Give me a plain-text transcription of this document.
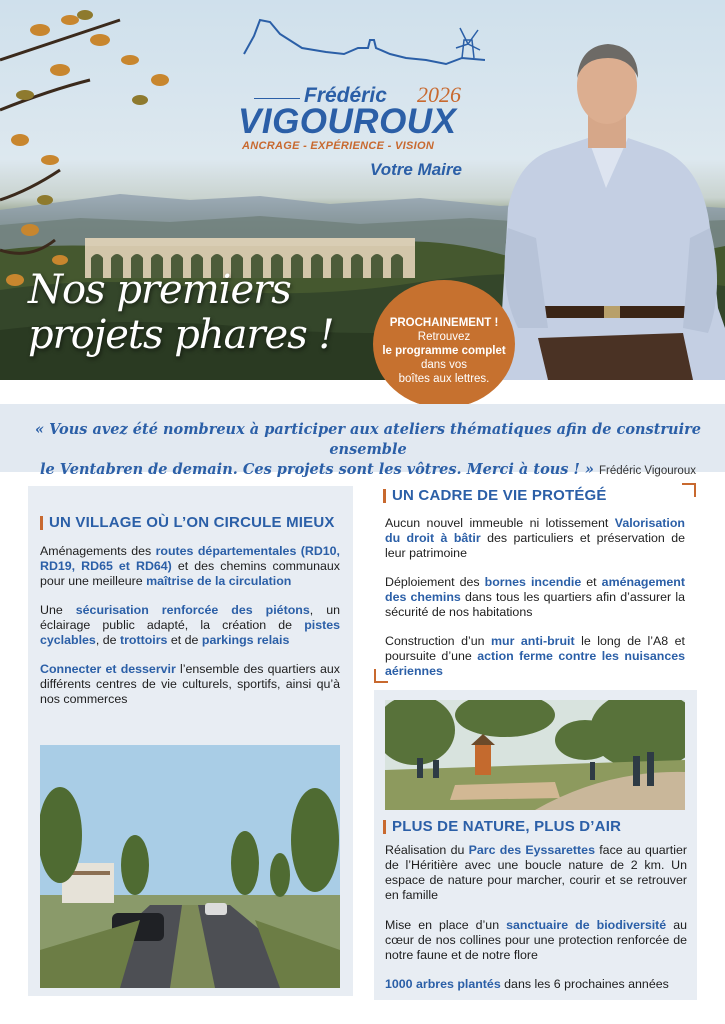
Frédéric 2026
VIGOUROUX
ANCRAGE - EXPÉRIENCE - VISION
Votre Maire
Nos premiers
projets phares !	PROCHAINEMENT !
Retrouvez
le programme complet
dans vos
boîtes aux lettres.
« Vous avez été nombreux à participer aux ateliers thématiques afin de construire ensemble
le Ventabren de demain. Ces projets sont les vôtres. Merci à tous ! » Frédéric Vigouroux
UN VILLAGE OÙ L’ON CIRCULE MIEUX

Aménagements des routes départementales (RD10, RD19, RD65 et RD64) et des chemins communaux pour une meilleure maîtrise de la circulation

Une sécurisation renforcée des piétons, un éclairage public adapté, la création de pistes cyclables, de trottoirs et de parkings relais

Connecter et desservir l’ensemble des quartiers aux différents centres de vie culturels, sportifs, ainsi qu’à nos commerces

UN CADRE DE VIE PROTÉGÉ

Aucun nouvel immeuble ni lotissement Valorisation du droit à bâtir des particuliers et préservation de leur patrimoine

Déploiement des bornes incendie et aménagement des chemins dans tous les quartiers afin d’assurer la sécurité de nos habitations

Construction d’un mur anti-bruit le long de l’A8 et poursuite d’une action ferme contre les nuisances aériennes

PLUS DE NATURE, PLUS D’AIR

Réalisation du Parc des Eyssarettes face au quartier de l’Héritière avec une boucle nature de 2 km. Un espace de nature pour marcher, courir et se retrouver en famille

Mise en place d’un sanctuaire de biodiversité au cœur de nos collines pour une protection renforcée de notre faune et de notre flore

1000 arbres plantés dans les 6 prochaines années
